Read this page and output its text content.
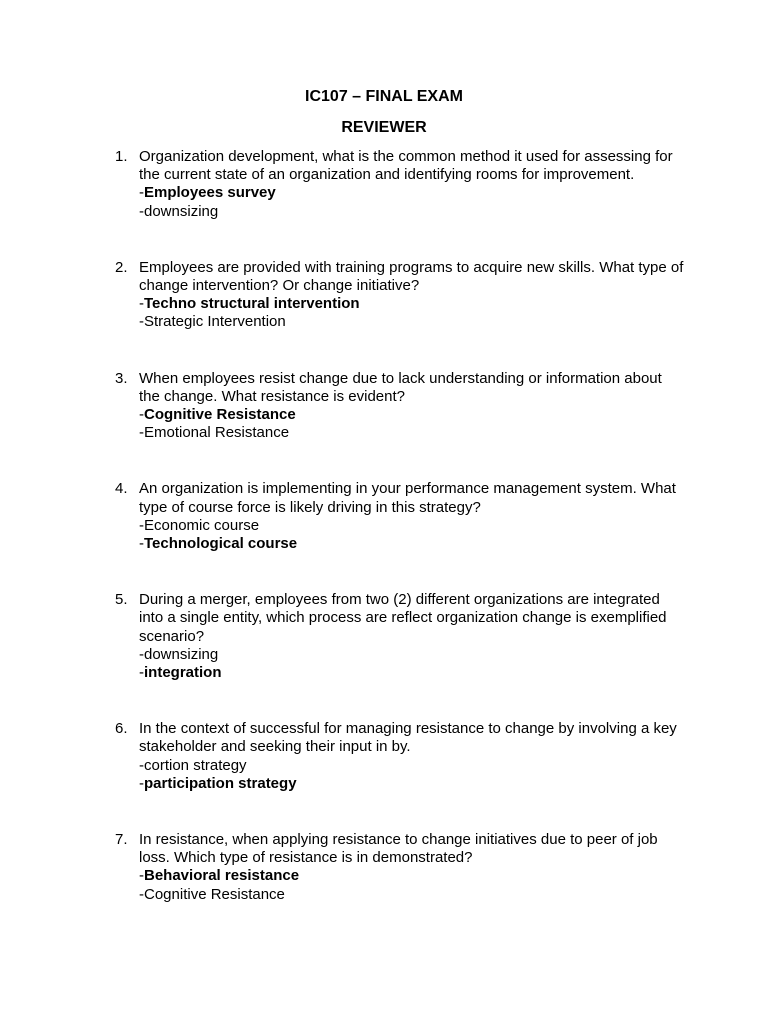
IC107 – FINAL EXAM
REVIEWER
1. Organization development, what is the common method it used for assessing for the current state of an organization and identifying rooms for improvement.

-Employees survey

-downsizing

2. Employees are provided with training programs to acquire new skills. What type of change intervention? Or change initiative?

-Techno structural intervention

-Strategic Intervention

3. When employees resist change due to lack understanding or information about the change. What resistance is evident?

-Cognitive Resistance

-Emotional Resistance

4. An organization is implementing in your performance management system. What type of course force is likely driving in this strategy?

-Economic course

-Technological course

5. During a merger, employees from two (2) different organizations are integrated into a single entity, which process are reflect organization change is exemplified scenario?

-downsizing

-integration

6. In the context of successful for managing resistance to change by involving a key stakeholder and seeking their input in by.

-cortion strategy

-participation strategy

7. In resistance, when applying resistance to change initiatives due to peer of job loss. Which type of resistance is in demonstrated?

-Behavioral resistance

-Cognitive Resistance
